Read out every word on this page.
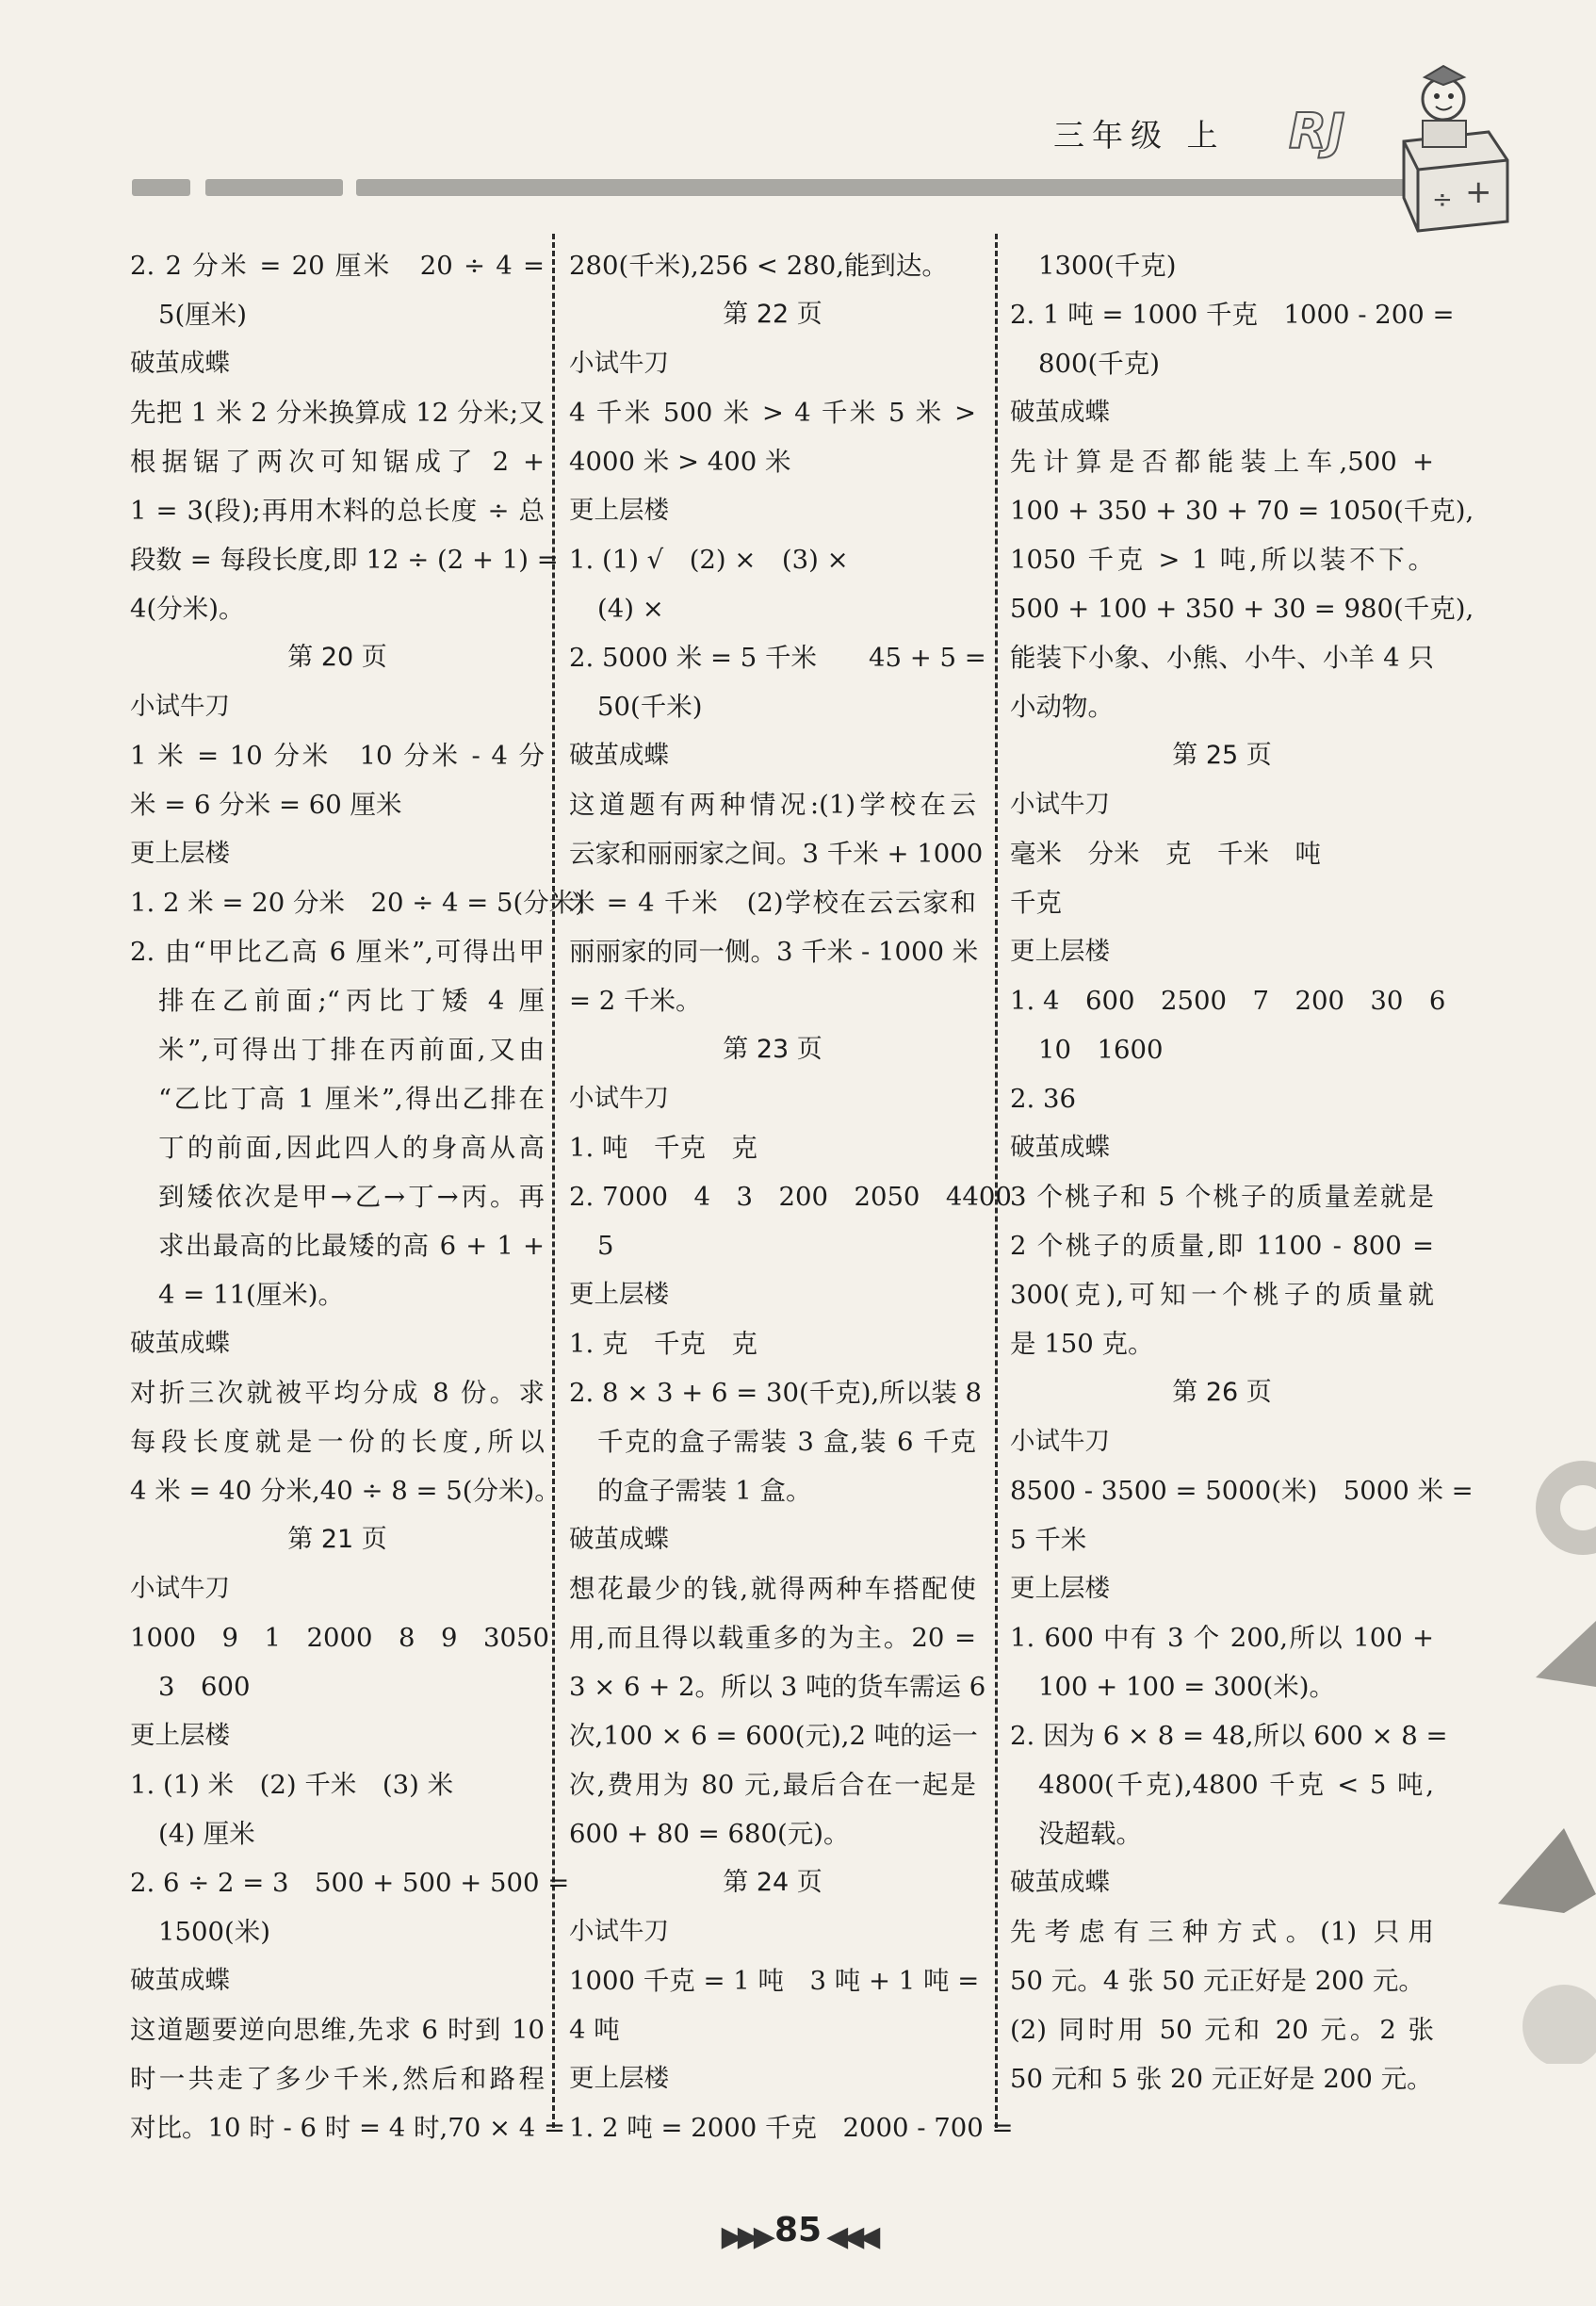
三年级 上 RJ
+
÷
2. 2 分米 = 20 厘米　20 ÷ 4 =
5(厘米)
破茧成蝶
先把 1 米 2 分米换算成 12 分米;又
根据锯了两次可知锯成了 2 +
1 = 3(段);再用木料的总长度 ÷ 总
段数 = 每段长度,即 12 ÷ (2 + 1) =
4(分米)。
第 20 页
小试牛刀
1 米 = 10 分米　10 分米 - 4 分
米 = 6 分米 = 60 厘米
更上层楼
1. 2 米 = 20 分米　20 ÷ 4 = 5(分米)
2. 由“甲比乙高 6 厘米”,可得出甲
排在乙前面;“丙比丁矮 4 厘
米”,可得出丁排在丙前面,又由
“乙比丁高 1 厘米”,得出乙排在
丁的前面,因此四人的身高从高
到矮依次是甲→乙→丁→丙。再
求出最高的比最矮的高 6 + 1 +
4 = 11(厘米)。
破茧成蝶
对折三次就被平均分成 8 份。求
每段长度就是一份的长度,所以
4 米 = 40 分米,40 ÷ 8 = 5(分米)。
第 21 页
小试牛刀
1000　9　1　2000　8　9　3050
3　600
更上层楼
1. (1) 米　(2) 千米　(3) 米
(4) 厘米
2. 6 ÷ 2 = 3　500 + 500 + 500 =
1500(米)
破茧成蝶
这道题要逆向思维,先求 6 时到 10
时一共走了多少千米,然后和路程
对比。10 时 - 6 时 = 4 时,70 × 4 =
280(千米),256 < 280,能到达。
第 22 页
小试牛刀
4 千米 500 米 > 4 千米 5 米 >
4000 米 > 400 米
更上层楼
1. (1) √　(2) ×　(3) ×
(4) ×
2. 5000 米 = 5 千米　　45 + 5 =
50(千米)
破茧成蝶
这道题有两种情况:(1)学校在云
云家和丽丽家之间。3 千米 + 1000
米 = 4 千米　(2)学校在云云家和
丽丽家的同一侧。3 千米 - 1000 米
= 2 千米。
第 23 页
小试牛刀
1. 吨　千克　克
2. 7000　4　3　200　2050　4400
5
更上层楼
1. 克　千克　克
2. 8 × 3 + 6 = 30(千克),所以装 8
千克的盒子需装 3 盒,装 6 千克
的盒子需装 1 盒。
破茧成蝶
想花最少的钱,就得两种车搭配使
用,而且得以载重多的为主。20 =
3 × 6 + 2。所以 3 吨的货车需运 6
次,100 × 6 = 600(元),2 吨的运一
次,费用为 80 元,最后合在一起是
600 + 80 = 680(元)。
第 24 页
小试牛刀
1000 千克 = 1 吨　3 吨 + 1 吨 =
4 吨
更上层楼
1. 2 吨 = 2000 千克　2000 - 700 =
1300(千克)
2. 1 吨 = 1000 千克　1000 - 200 =
800(千克)
破茧成蝶
先计算是否都能装上车,500 +
100 + 350 + 30 + 70 = 1050(千克),
1050 千克 > 1 吨,所以装不下。
500 + 100 + 350 + 30 = 980(千克),
能装下小象、小熊、小牛、小羊 4 只
小动物。
第 25 页
小试牛刀
毫米　分米　克　千米　吨
千克
更上层楼
1. 4　600　2500　7　200　30　6
10　1600
2. 36
破茧成蝶
3 个桃子和 5 个桃子的质量差就是
2 个桃子的质量,即 1100 - 800 =
300(克),可知一个桃子的质量就
是 150 克。
第 26 页
小试牛刀
8500 - 3500 = 5000(米)　5000 米 =
5 千米
更上层楼
1. 600 中有 3 个 200,所以 100 +
100 + 100 = 300(米)。
2. 因为 6 × 8 = 48,所以 600 × 8 =
4800(千克),4800 千克 < 5 吨,
没超载。
破茧成蝶
先考虑有三种方式。(1) 只用
50 元。4 张 50 元正好是 200 元。
(2) 同时用 50 元和 20 元。2 张
50 元和 5 张 20 元正好是 200 元。
▶▶▶ 85 ◀◀◀
